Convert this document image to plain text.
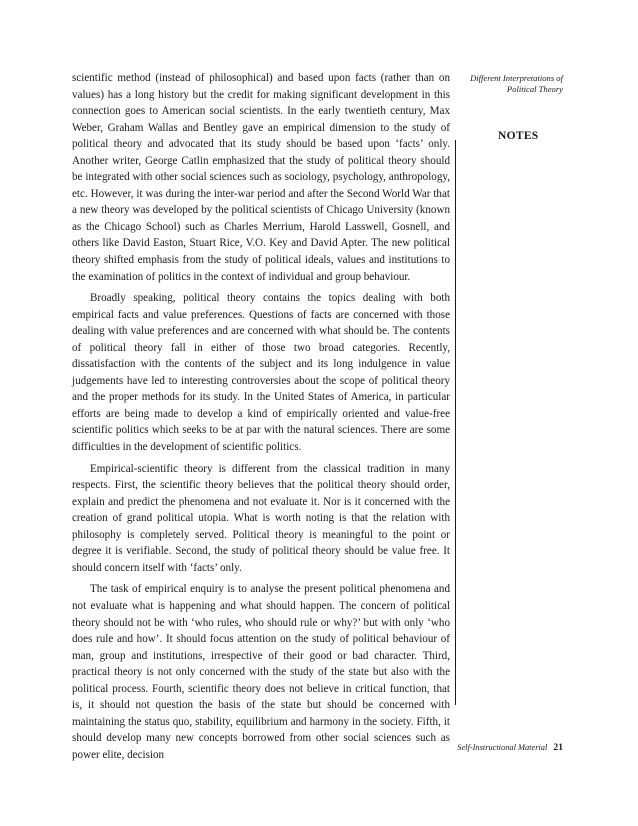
Different Interpretations of Political Theory
NOTES

scientific method (instead of philosophical) and based upon facts (rather than on values) has a long history but the credit for making significant development in this connection goes to American social scientists. In the early twentieth century, Max Weber, Graham Wallas and Bentley gave an empirical dimension to the study of political theory and advocated that its study should be based upon ‘facts’ only. Another writer, George Catlin emphasized that the study of political theory should be integrated with other social sciences such as sociology, psychology, anthropology, etc. However, it was during the inter-war period and after the Second World War that a new theory was developed by the political scientists of Chicago University (known as the Chicago School) such as Charles Merrium, Harold Lasswell, Gosnell, and others like David Easton, Stuart Rice, V.O. Key and David Apter. The new political theory shifted emphasis from the study of political ideals, values and institutions to the examination of politics in the context of individual and group behaviour.

Broadly speaking, political theory contains the topics dealing with both empirical facts and value preferences. Questions of facts are concerned with those dealing with value preferences and are concerned with what should be. The contents of political theory fall in either of those two broad categories. Recently, dissatisfaction with the contents of the subject and its long indulgence in value judgements have led to interesting controversies about the scope of political theory and the proper methods for its study. In the United States of America, in particular efforts are being made to develop a kind of empirically oriented and value-free scientific politics which seeks to be at par with the natural sciences. There are some difficulties in the development of scientific politics.

Empirical-scientific theory is different from the classical tradition in many respects. First, the scientific theory believes that the political theory should order, explain and predict the phenomena and not evaluate it. Nor is it concerned with the creation of grand political utopia. What is worth noting is that the relation with philosophy is completely served. Political theory is meaningful to the point or degree it is verifiable. Second, the study of political theory should be value free. It should concern itself with ‘facts’ only.

The task of empirical enquiry is to analyse the present political phenomena and not evaluate what is happening and what should happen. The concern of political theory should not be with ‘who rules, who should rule or why?’ but with only ‘who does rule and how’. It should focus attention on the study of political behaviour of man, group and institutions, irrespective of their good or bad character. Third, practical theory is not only concerned with the study of the state but also with the political process. Fourth, scientific theory does not believe in critical function, that is, it should not question the basis of the state but should be concerned with maintaining the status quo, stability, equilibrium and harmony in the society. Fifth, it should develop many new concepts borrowed from other social sciences such as power elite, decision

Self-Instructional Material 21
